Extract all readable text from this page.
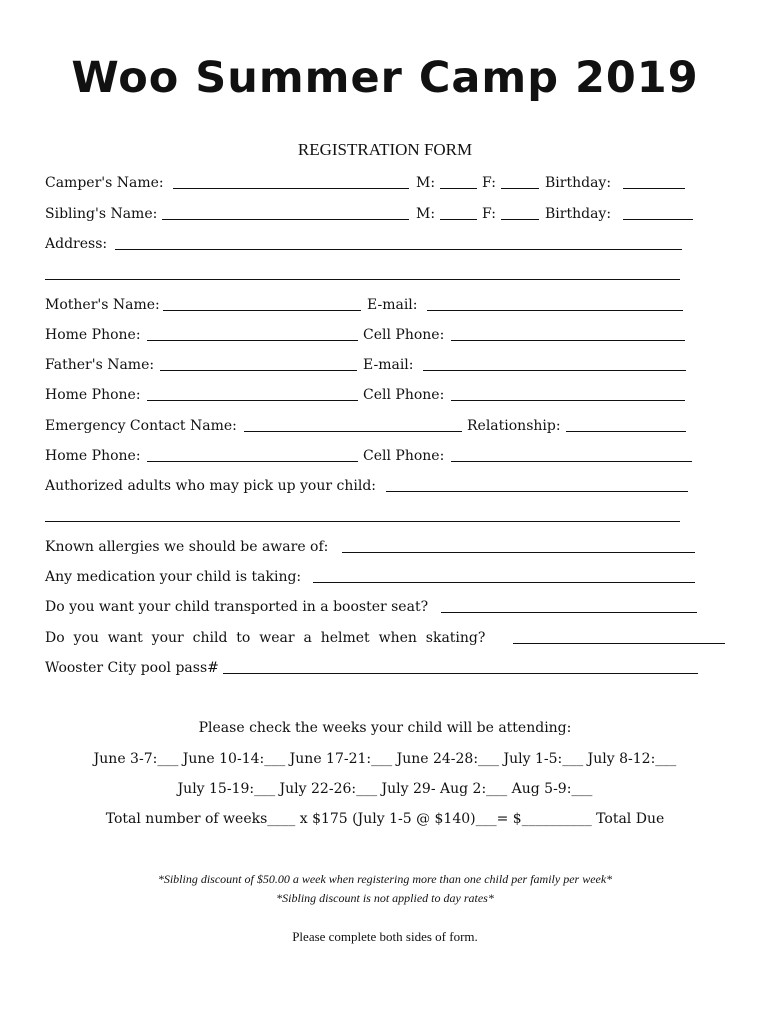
Woo Summer Camp 2019
REGISTRATION FORM
Camper's Name:	M:	F:	Birthday:
Sibling's Name:	M:	F:	Birthday:
Address:
Mother's Name:	E-mail:
Home Phone:	Cell Phone:
Father's Name:	E-mail:
Home Phone:	Cell Phone:
Emergency Contact Name:	Relationship:
Home Phone:	Cell Phone:
Authorized adults who may pick up your child:
Known allergies we should be aware of:
Any medication your child is taking:
Do you want your child transported in a booster seat?
Do  you  want  your  child  to  wear  a  helmet  when  skating?
Wooster City pool pass#
Please check the weeks your child will be attending:
June 3-7:___ June 10-14:___ June 17-21:___ June 24-28:___ July 1-5:___ July 8-12:___
July 15-19:___ July 22-26:___ July 29- Aug 2:___ Aug 5-9:___
Total number of weeks____ x $175 (July 1-5 @ $140)___= $__________ Total Due
*Sibling discount of $50.00 a week when registering more than one child per family per week*
*Sibling discount is not applied to day rates*
Please complete both sides of form.
